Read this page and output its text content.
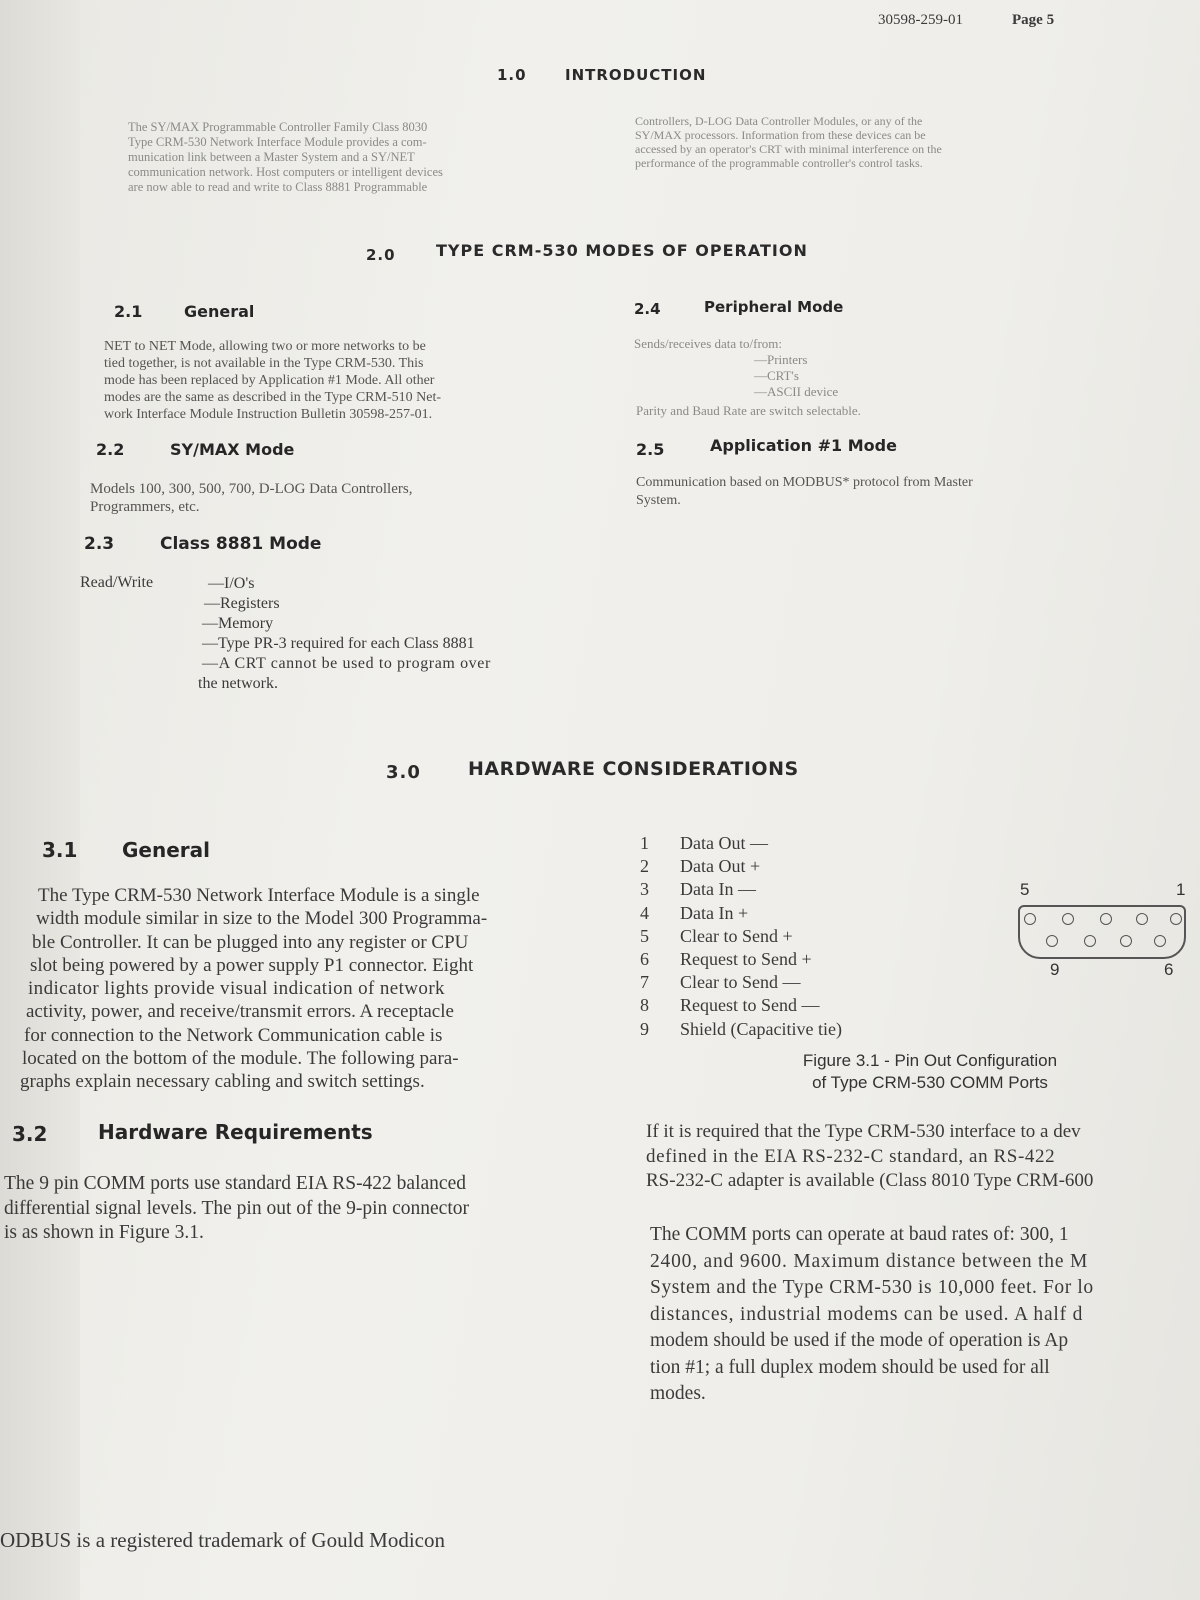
30598-259-01	Page 5
1.0	INTRODUCTION
The SY/MAX Programmable Controller Family Class 8030
Type CRM-530 Network Interface Module provides a com-
munication link between a Master System and a SY/NET
communication network. Host computers or intelligent devices
are now able to read and write to Class 8881 Programmable
Controllers, D-LOG Data Controller Modules, or any of the
SY/MAX processors. Information from these devices can be
accessed by an operator's CRT with minimal interference on the
performance of the programmable controller's control tasks.
2.0	TYPE CRM-530 MODES OF OPERATION
2.1	General
NET to NET Mode, allowing two or more networks to be
tied together, is not available in the Type CRM-530. This
mode has been replaced by Application #1 Mode. All other
modes are the same as described in the Type CRM-510 Net-
work Interface Module Instruction Bulletin 30598-257-01.
2.2	SY/MAX Mode
Models 100, 300, 500, 700, D-LOG Data Controllers,
Programmers, etc.
2.3	Class 8881 Mode
Read/Write	—I/O's
—Registers
—Memory
—Type PR-3 required for each Class 8881
—A CRT cannot be used to program over
the network.
2.4	Peripheral Mode
Sends/receives data to/from:
—Printers
—CRT's
—ASCII device
Parity and Baud Rate are switch selectable.
2.5	Application #1 Mode
Communication based on MODBUS* protocol from Master
System.
3.0 HARDWARE CONSIDERATIONS
3.1 General
The Type CRM-530 Network Interface Module is a single
width module similar in size to the Model 300 Programma-
ble Controller. It can be plugged into any register or CPU
slot being powered by a power supply P1 connector. Eight
indicator lights provide visual indication of network
activity, power, and receive/transmit errors. A receptacle
for connection to the Network Communication cable is
located on the bottom of the module. The following para-
graphs explain necessary cabling and switch settings.
3.2	Hardware Requirements
The 9 pin COMM ports use standard EIA RS-422 balanced
differential signal levels. The pin out of the 9-pin connector
is as shown in Figure 3.1.
1	Data Out —
2	Data Out +
3	Data In —
4	Data In +
5	Clear to Send +
6	Request to Send +
7	Clear to Send —
8	Request to Send —
9	Shield (Capacitive tie)
5	1
9	6
Figure 3.1 - Pin Out Configuration
of Type CRM-530 COMM Ports
If it is required that the Type CRM-530 interface to a dev
defined in the EIA RS-232-C standard, an RS-422
RS-232-C adapter is available (Class 8010 Type CRM-600
The COMM ports can operate at baud rates of: 300, 1
2400, and 9600. Maximum distance between the M
System and the Type CRM-530 is 10,000 feet. For lo
distances, industrial modems can be used. A half d
modem should be used if the mode of operation is Ap
tion #1; a full duplex modem should be used for all
modes.
ODBUS is a registered trademark of Gould Modicon
